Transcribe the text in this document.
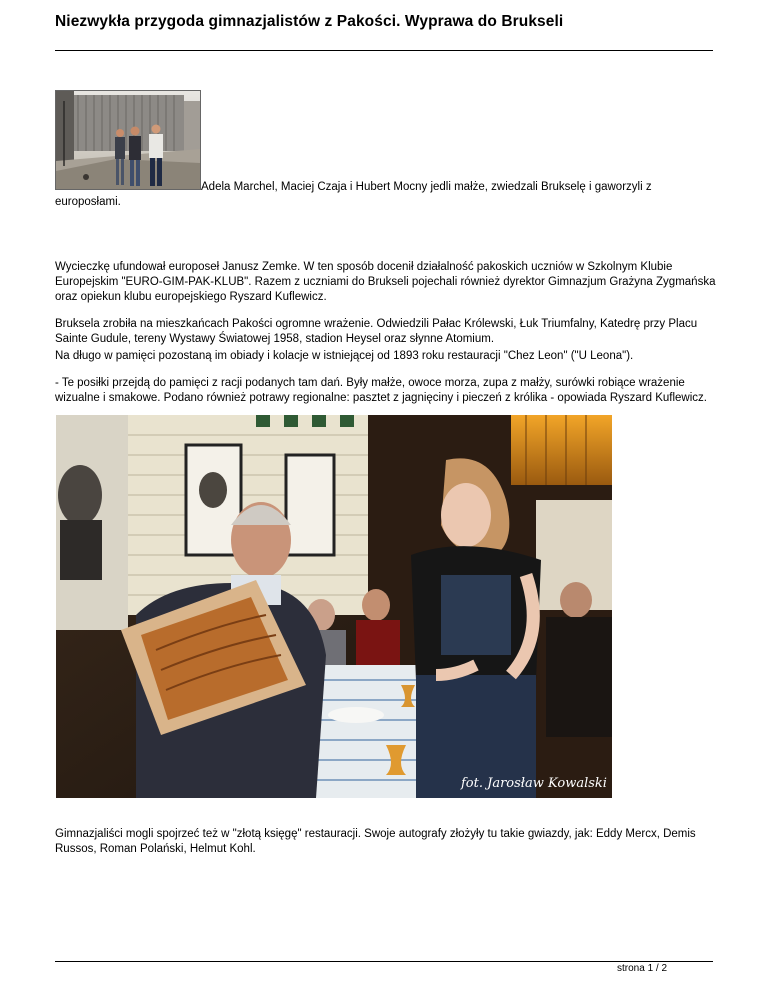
Niezwykła przygoda gimnazjalistów z Pakości. Wyprawa do Brukseli
Adela Marchel, Maciej Czaja i Hubert Mocny jedli małże, zwiedzali Brukselę i gaworzyli z
europosłami.

Wycieczkę ufundował europoseł Janusz Zemke. W ten sposób docenił działalność pakoskich uczniów w Szkolnym Klubie Europejskim "EURO-GIM-PAK-KLUB". Razem z uczniami do Brukseli pojechali również dyrektor Gimnazjum Grażyna Zygmańska oraz opiekun klubu europejskiego Ryszard Kuflewicz.

Bruksela zrobiła na mieszkańcach Pakości ogromne wrażenie. Odwiedzili Pałac Królewski, Łuk Triumfalny, Katedrę przy Placu Sainte Gudule, tereny Wystawy Światowej 1958, stadion Heysel oraz słynne Atomium.

Na długo w pamięci pozostaną im obiady i kolacje w istniejącej od 1893 roku restauracji "Chez Leon" ("U Leona").

- Te posiłki przejdą do pamięci z racji podanych tam dań. Były małże, owoce morza, zupa z małży, surówki robiące wrażenie wizualne i smakowe. Podano również potrawy regionalne: pasztet z jagnięciny i pieczeń z królika - opowiada Ryszard Kuflewicz.

fot. Jarosław Kowalski

Gimnazjaliści mogli spojrzeć też w "złotą księgę" restauracji. Swoje autografy złożyły tu takie gwiazdy, jak: Eddy Mercx, Demis Russos, Roman Polański, Helmut Kohl.

strona 1 / 2
